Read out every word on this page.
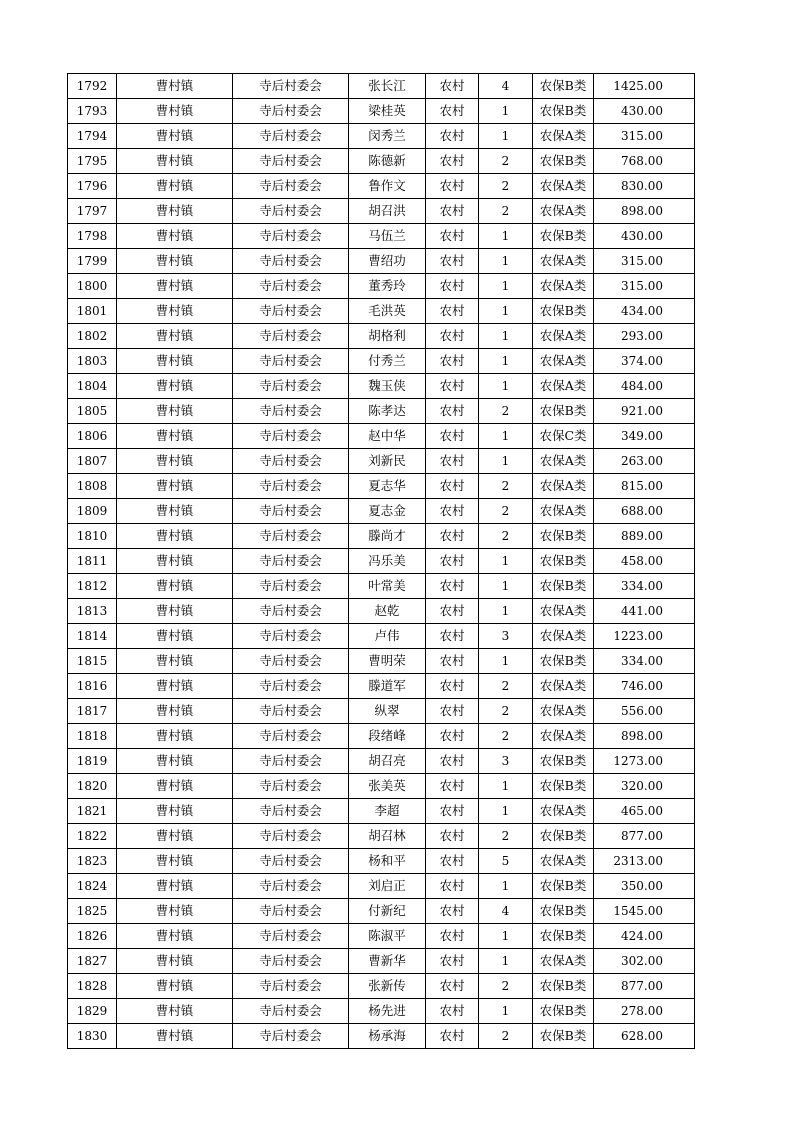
1792	曹村镇	寺后村委会	张长江	农村	4	农保B类	1425.00
1793	曹村镇	寺后村委会	梁桂英	农村	1	农保B类	430.00
1794	曹村镇	寺后村委会	闵秀兰	农村	1	农保A类	315.00
1795	曹村镇	寺后村委会	陈德新	农村	2	农保B类	768.00
1796	曹村镇	寺后村委会	鲁作文	农村	2	农保A类	830.00
1797	曹村镇	寺后村委会	胡召洪	农村	2	农保A类	898.00
1798	曹村镇	寺后村委会	马伍兰	农村	1	农保B类	430.00
1799	曹村镇	寺后村委会	曹绍功	农村	1	农保A类	315.00
1800	曹村镇	寺后村委会	董秀玲	农村	1	农保A类	315.00
1801	曹村镇	寺后村委会	毛洪英	农村	1	农保B类	434.00
1802	曹村镇	寺后村委会	胡格利	农村	1	农保A类	293.00
1803	曹村镇	寺后村委会	付秀兰	农村	1	农保A类	374.00
1804	曹村镇	寺后村委会	魏玉侠	农村	1	农保A类	484.00
1805	曹村镇	寺后村委会	陈孝达	农村	2	农保B类	921.00
1806	曹村镇	寺后村委会	赵中华	农村	1	农保C类	349.00
1807	曹村镇	寺后村委会	刘新民	农村	1	农保A类	263.00
1808	曹村镇	寺后村委会	夏志华	农村	2	农保A类	815.00
1809	曹村镇	寺后村委会	夏志金	农村	2	农保A类	688.00
1810	曹村镇	寺后村委会	滕尚才	农村	2	农保B类	889.00
1811	曹村镇	寺后村委会	冯乐美	农村	1	农保B类	458.00
1812	曹村镇	寺后村委会	叶常美	农村	1	农保B类	334.00
1813	曹村镇	寺后村委会	赵乾	农村	1	农保A类	441.00
1814	曹村镇	寺后村委会	卢伟	农村	3	农保A类	1223.00
1815	曹村镇	寺后村委会	曹明荣	农村	1	农保B类	334.00
1816	曹村镇	寺后村委会	滕道军	农村	2	农保A类	746.00
1817	曹村镇	寺后村委会	纵翠	农村	2	农保A类	556.00
1818	曹村镇	寺后村委会	段绪峰	农村	2	农保A类	898.00
1819	曹村镇	寺后村委会	胡召亮	农村	3	农保B类	1273.00
1820	曹村镇	寺后村委会	张美英	农村	1	农保B类	320.00
1821	曹村镇	寺后村委会	李超	农村	1	农保A类	465.00
1822	曹村镇	寺后村委会	胡召林	农村	2	农保B类	877.00
1823	曹村镇	寺后村委会	杨和平	农村	5	农保A类	2313.00
1824	曹村镇	寺后村委会	刘启正	农村	1	农保B类	350.00
1825	曹村镇	寺后村委会	付新纪	农村	4	农保B类	1545.00
1826	曹村镇	寺后村委会	陈淑平	农村	1	农保B类	424.00
1827	曹村镇	寺后村委会	曹新华	农村	1	农保A类	302.00
1828	曹村镇	寺后村委会	张新传	农村	2	农保B类	877.00
1829	曹村镇	寺后村委会	杨先进	农村	1	农保B类	278.00
1830	曹村镇	寺后村委会	杨承海	农村	2	农保B类	628.00
